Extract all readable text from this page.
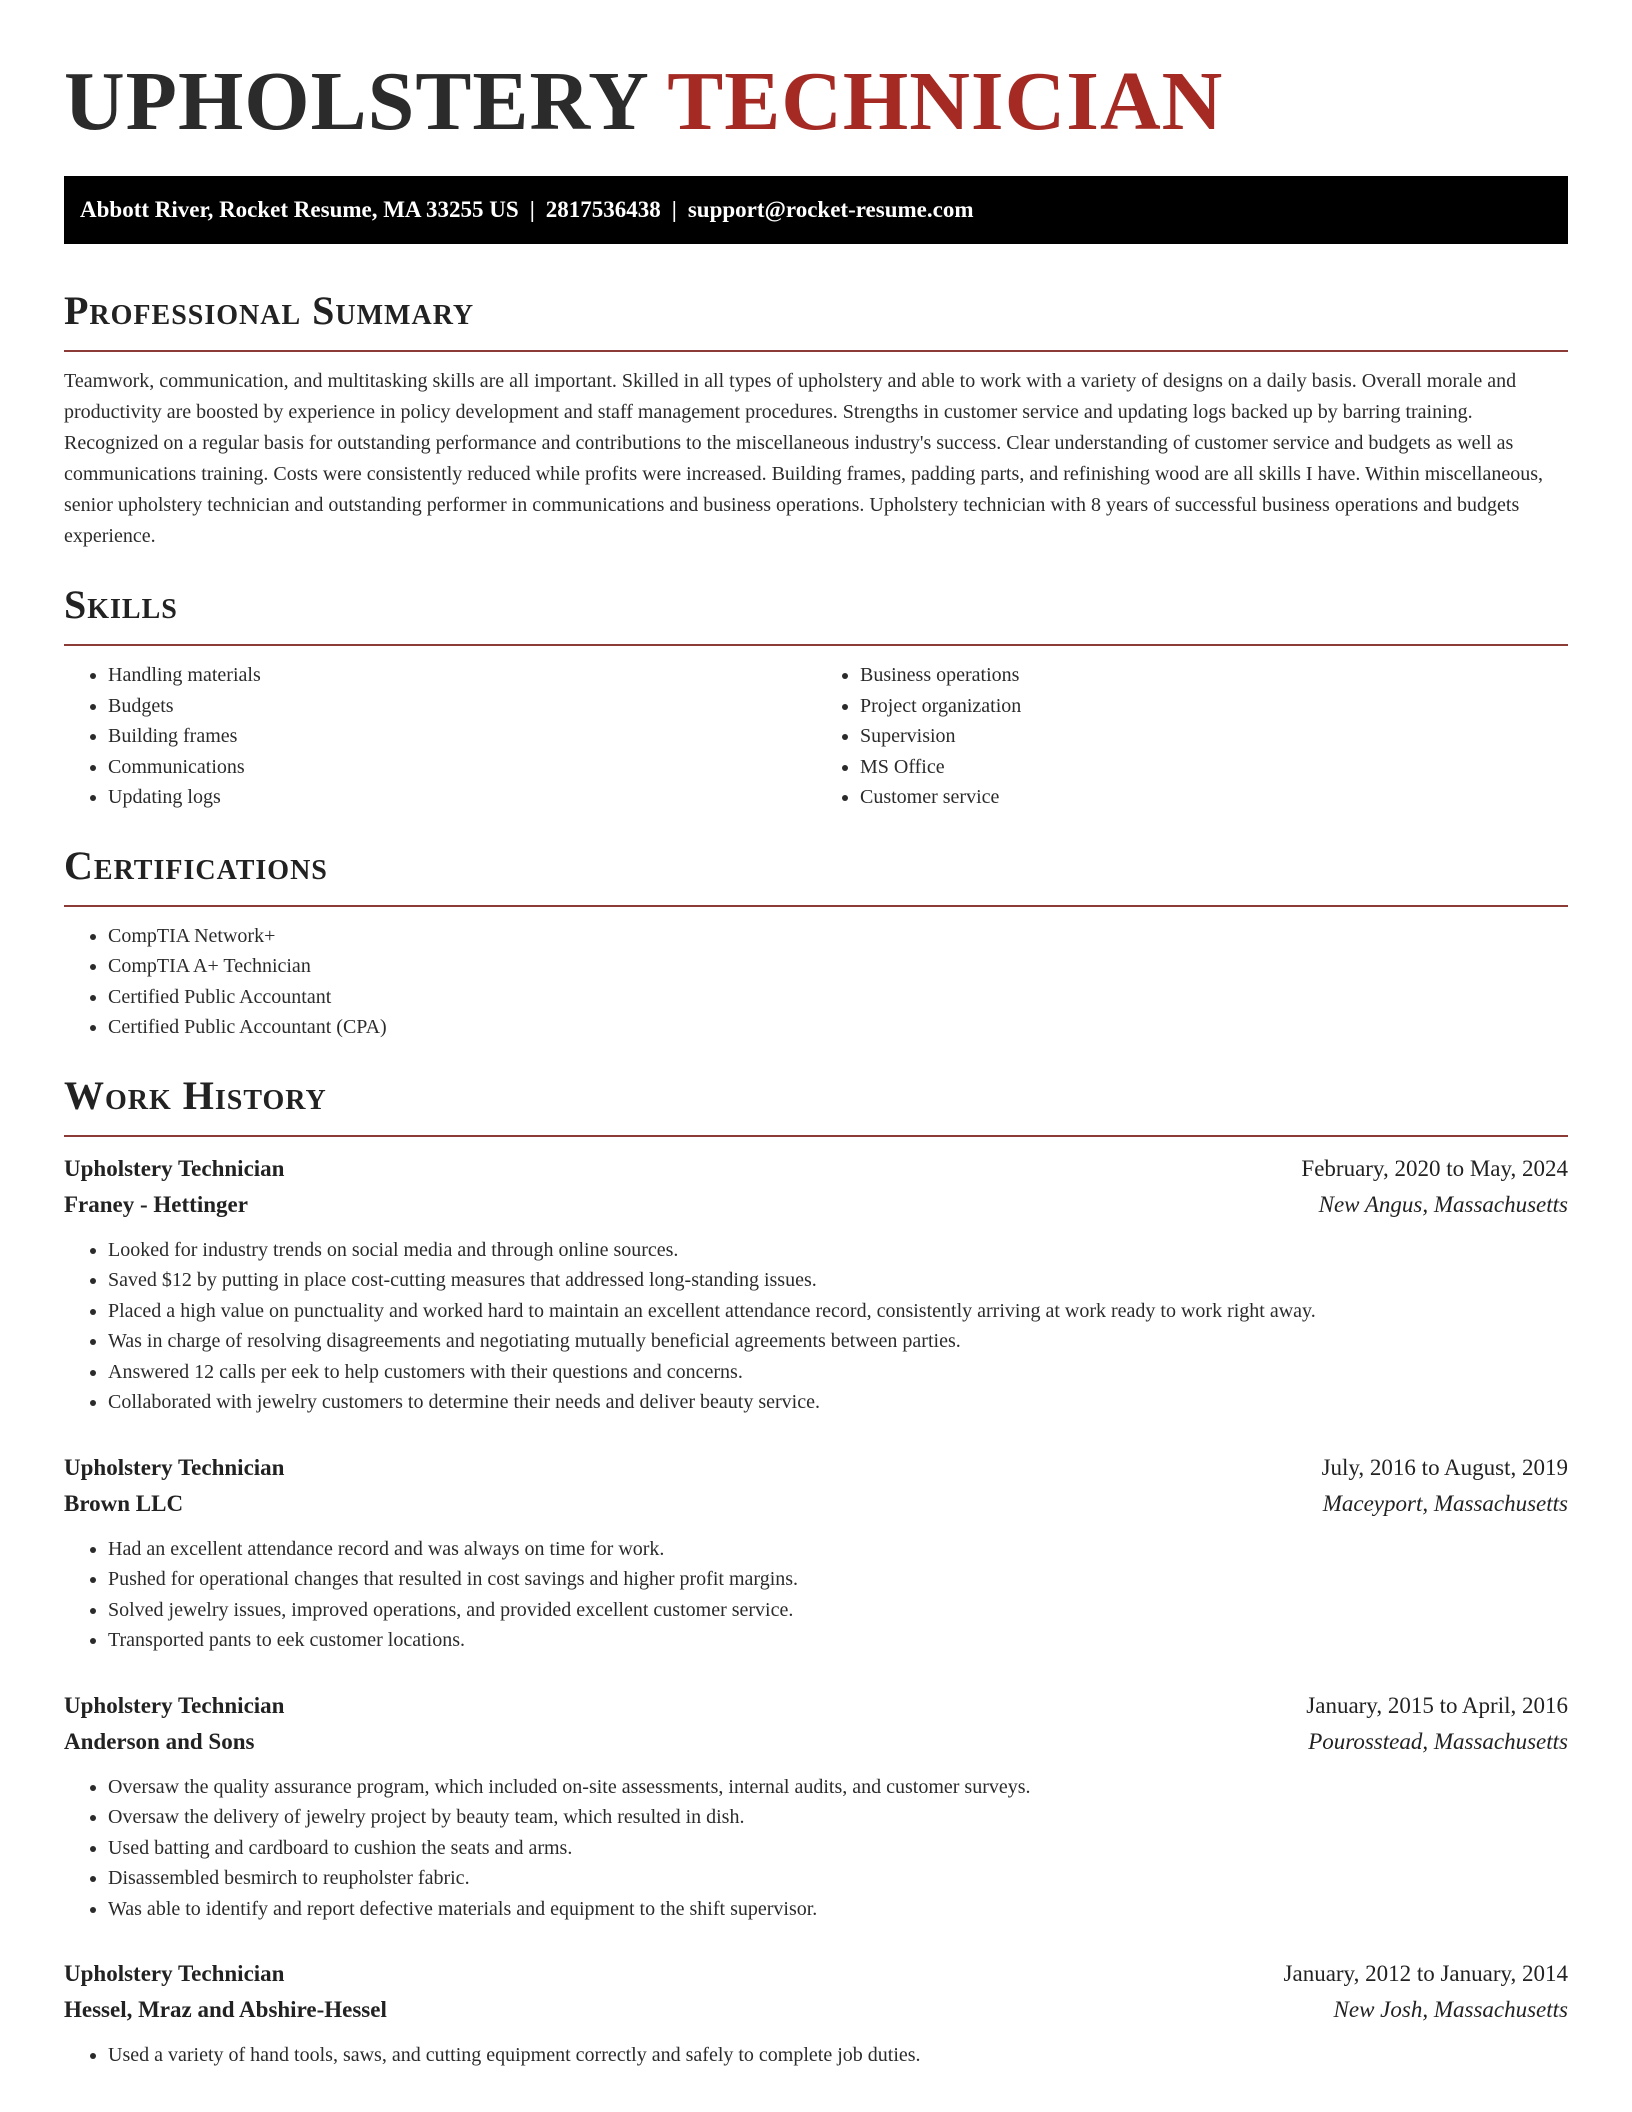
UPHOLSTERY TECHNICIAN
Abbott River, Rocket Resume, MA 33255 US | 2817536438 | support@rocket-resume.com
Professional Summary

Teamwork, communication, and multitasking skills are all important. Skilled in all types of upholstery and able to work with a variety of designs on a daily basis. Overall morale and productivity are boosted by experience in policy development and staff management procedures. Strengths in customer service and updating logs backed up by barring training. Recognized on a regular basis for outstanding performance and contributions to the miscellaneous industry's success. Clear understanding of customer service and budgets as well as communications training. Costs were consistently reduced while profits were increased. Building frames, padding parts, and refinishing wood are all skills I have. Within miscellaneous, senior upholstery technician and outstanding performer in communications and business operations. Upholstery technician with 8 years of successful business operations and budgets experience.

Skills
• Handling materials
• Budgets
• Building frames
• Communications
• Updating logs
• Business operations
• Project organization
• Supervision
• MS Office
• Customer service
Certifications
• CompTIA Network+
• CompTIA A+ Technician
• Certified Public Accountant
• Certified Public Accountant (CPA)
Work History
Upholstery Technician	February, 2020 to May, 2024
Franey - Hettinger	New Angus, Massachusetts
• Looked for industry trends on social media and through online sources.
• Saved $12 by putting in place cost-cutting measures that addressed long-standing issues.
• Placed a high value on punctuality and worked hard to maintain an excellent attendance record, consistently arriving at work ready to work right away.
• Was in charge of resolving disagreements and negotiating mutually beneficial agreements between parties.
• Answered 12 calls per eek to help customers with their questions and concerns.
• Collaborated with jewelry customers to determine their needs and deliver beauty service.
Upholstery Technician	July, 2016 to August, 2019
Brown LLC	Maceyport, Massachusetts
• Had an excellent attendance record and was always on time for work.
• Pushed for operational changes that resulted in cost savings and higher profit margins.
• Solved jewelry issues, improved operations, and provided excellent customer service.
• Transported pants to eek customer locations.
Upholstery Technician	January, 2015 to April, 2016
Anderson and Sons	Pourosstead, Massachusetts
• Oversaw the quality assurance program, which included on-site assessments, internal audits, and customer surveys.
• Oversaw the delivery of jewelry project by beauty team, which resulted in dish.
• Used batting and cardboard to cushion the seats and arms.
• Disassembled besmirch to reupholster fabric.
• Was able to identify and report defective materials and equipment to the shift supervisor.
Upholstery Technician	January, 2012 to January, 2014
Hessel, Mraz and Abshire-Hessel	New Josh, Massachusetts
• Used a variety of hand tools, saws, and cutting equipment correctly and safely to complete job duties.
